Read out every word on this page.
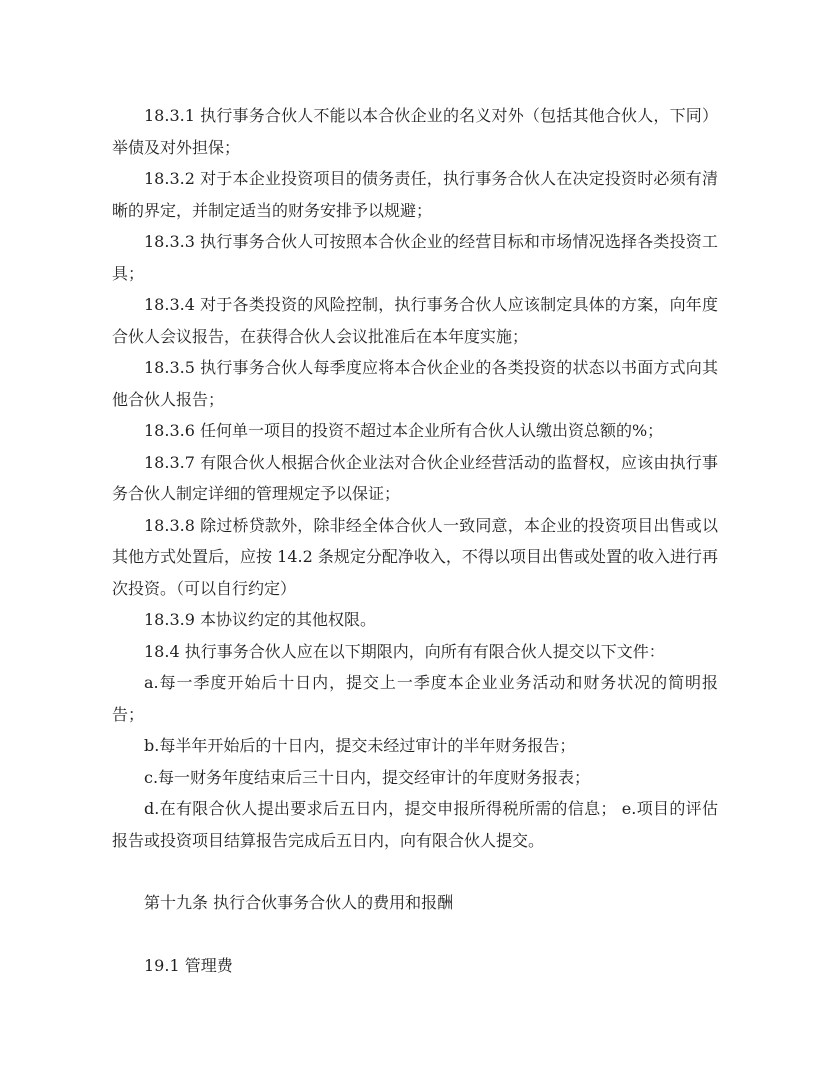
18.3.1 执行事务合伙人不能以本合伙企业的名义对外（包括其他合伙人，下同）举债及对外担保；

18.3.2 对于本企业投资项目的债务责任，执行事务合伙人在决定投资时必须有清晰的界定，并制定适当的财务安排予以规避；

18.3.3 执行事务合伙人可按照本合伙企业的经营目标和市场情况选择各类投资工具；

18.3.4 对于各类投资的风险控制，执行事务合伙人应该制定具体的方案，向年度合伙人会议报告，在获得合伙人会议批准后在本年度实施；

18.3.5 执行事务合伙人每季度应将本合伙企业的各类投资的状态以书面方式向其他合伙人报告；

18.3.6 任何单一项目的投资不超过本企业所有合伙人认缴出资总额的%；

18.3.7 有限合伙人根据合伙企业法对合伙企业经营活动的监督权，应该由执行事务合伙人制定详细的管理规定予以保证；

18.3.8 除过桥贷款外，除非经全体合伙人一致同意，本企业的投资项目出售或以其他方式处置后，应按 14.2 条规定分配净收入，不得以项目出售或处置的收入进行再次投资。（可以自行约定）

18.3.9 本协议约定的其他权限。

18.4 执行事务合伙人应在以下期限内，向所有有限合伙人提交以下文件：

a.每一季度开始后十日内，提交上一季度本企业业务活动和财务状况的简明报告；

b.每半年开始后的十日内，提交未经过审计的半年财务报告；

c.每一财务年度结束后三十日内，提交经审计的年度财务报表；

d.在有限合伙人提出要求后五日内，提交申报所得税所需的信息； e.项目的评估报告或投资项目结算报告完成后五日内，向有限合伙人提交。

第十九条 执行合伙事务合伙人的费用和报酬

19.1 管理费
